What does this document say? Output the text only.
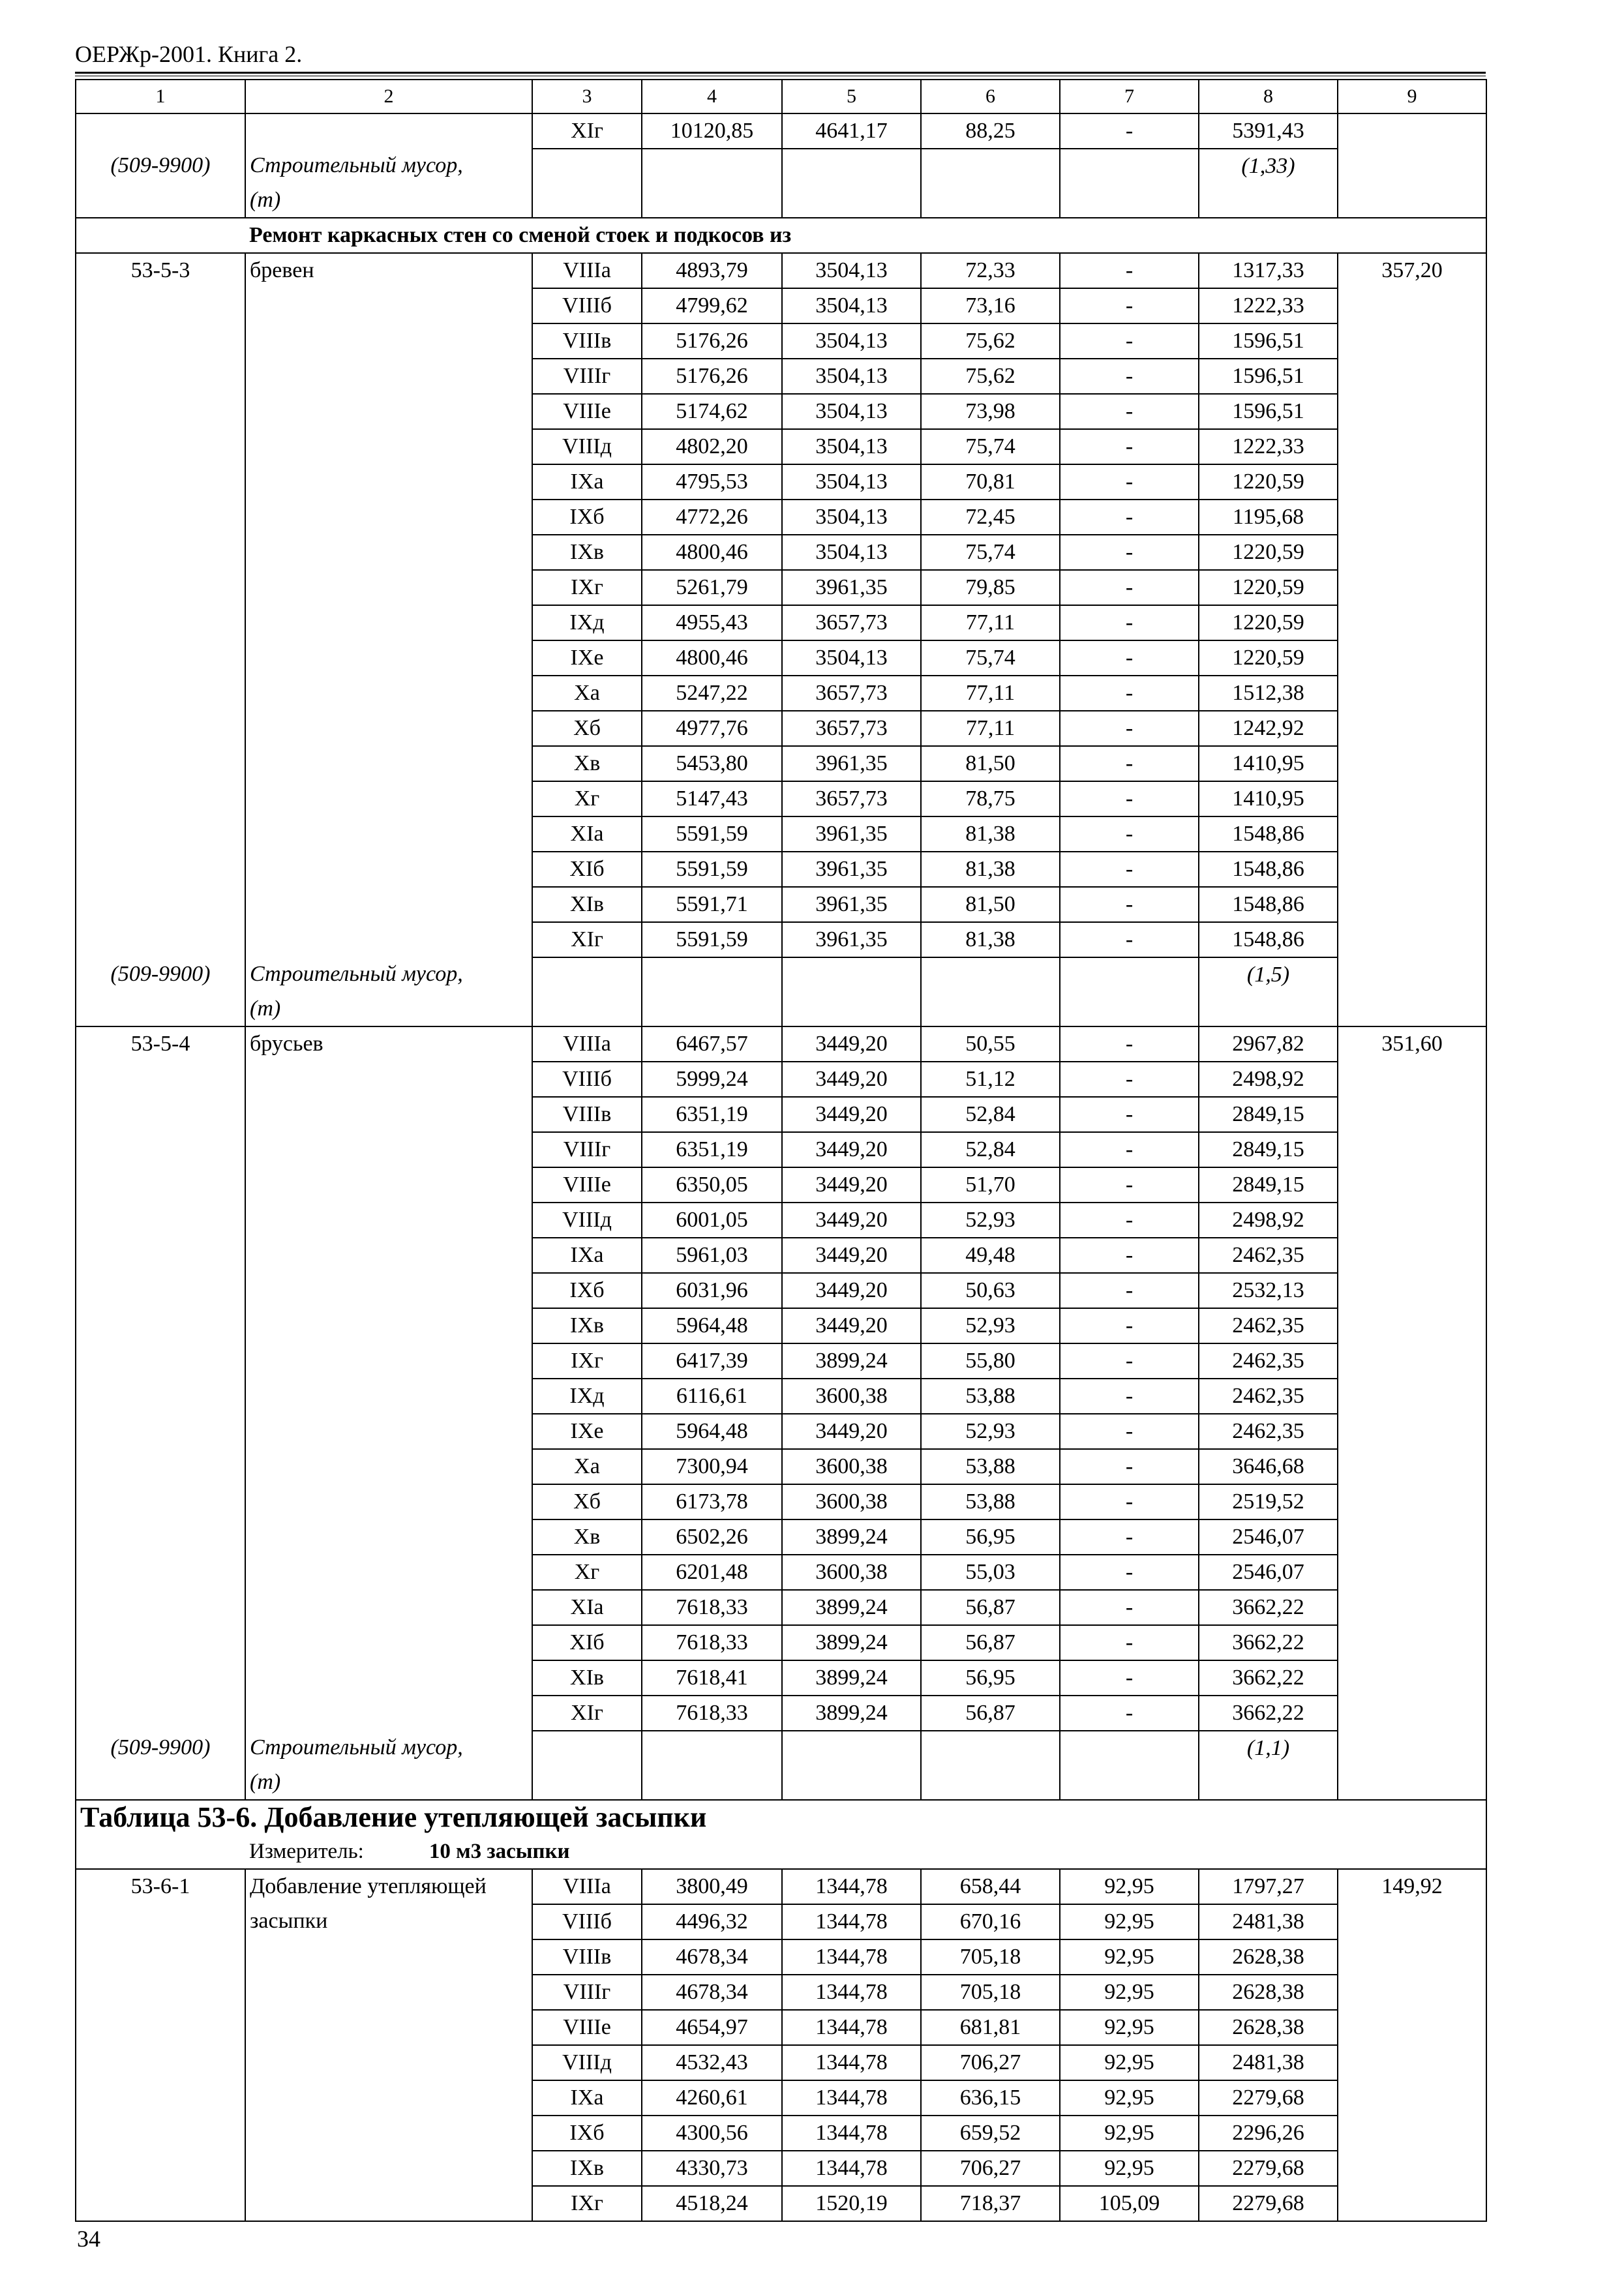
ОЕРЖр-2001. Книга 2.
1	2	3	4	5	6	7	8	9
		XIг	10120,85	4641,17	88,25	-	5391,43	
(509-9900)	Строительный мусор,						(1,33)	
	(т)							
	Ремонт каркасных стен со сменой стоек и подкосов из							
53-5-3	бревен	VIIIа	4893,79	3504,13	72,33	-	1317,33	357,20
		VIIIб	4799,62	3504,13	73,16	-	1222,33	
		VIIIв	5176,26	3504,13	75,62	-	1596,51	
		VIIIг	5176,26	3504,13	75,62	-	1596,51	
		VIIIе	5174,62	3504,13	73,98	-	1596,51	
		VIIIд	4802,20	3504,13	75,74	-	1222,33	
		IXа	4795,53	3504,13	70,81	-	1220,59	
		IXб	4772,26	3504,13	72,45	-	1195,68	
		IXв	4800,46	3504,13	75,74	-	1220,59	
		IXг	5261,79	3961,35	79,85	-	1220,59	
		IXд	4955,43	3657,73	77,11	-	1220,59	
		IXе	4800,46	3504,13	75,74	-	1220,59	
		Xа	5247,22	3657,73	77,11	-	1512,38	
		Xб	4977,76	3657,73	77,11	-	1242,92	
		Xв	5453,80	3961,35	81,50	-	1410,95	
		Xг	5147,43	3657,73	78,75	-	1410,95	
		XIа	5591,59	3961,35	81,38	-	1548,86	
		XIб	5591,59	3961,35	81,38	-	1548,86	
		XIв	5591,71	3961,35	81,50	-	1548,86	
		XIг	5591,59	3961,35	81,38	-	1548,86	
(509-9900)	Строительный мусор,						(1,5)	
	(т)							
53-5-4	брусьев	VIIIа	6467,57	3449,20	50,55	-	2967,82	351,60
		VIIIб	5999,24	3449,20	51,12	-	2498,92	
		VIIIв	6351,19	3449,20	52,84	-	2849,15	
		VIIIг	6351,19	3449,20	52,84	-	2849,15	
		VIIIе	6350,05	3449,20	51,70	-	2849,15	
		VIIIд	6001,05	3449,20	52,93	-	2498,92	
		IXа	5961,03	3449,20	49,48	-	2462,35	
		IXб	6031,96	3449,20	50,63	-	2532,13	
		IXв	5964,48	3449,20	52,93	-	2462,35	
		IXг	6417,39	3899,24	55,80	-	2462,35	
		IXд	6116,61	3600,38	53,88	-	2462,35	
		IXе	5964,48	3449,20	52,93	-	2462,35	
		Xа	7300,94	3600,38	53,88	-	3646,68	
		Xб	6173,78	3600,38	53,88	-	2519,52	
		Xв	6502,26	3899,24	56,95	-	2546,07	
		Xг	6201,48	3600,38	55,03	-	2546,07	
		XIа	7618,33	3899,24	56,87	-	3662,22	
		XIб	7618,33	3899,24	56,87	-	3662,22	
		XIв	7618,41	3899,24	56,95	-	3662,22	
		XIг	7618,33	3899,24	56,87	-	3662,22	
(509-9900)	Строительный мусор,						(1,1)	
	(т)							
Таблица 53-6. Добавление утепляющей засыпки								
	Измеритель: 10 м3 засыпки							
53-6-1	Добавление утепляющей	VIIIа	3800,49	1344,78	658,44	92,95	1797,27	149,92
	засыпки	VIIIб	4496,32	1344,78	670,16	92,95	2481,38	
		VIIIв	4678,34	1344,78	705,18	92,95	2628,38	
		VIIIг	4678,34	1344,78	705,18	92,95	2628,38	
		VIIIе	4654,97	1344,78	681,81	92,95	2628,38	
		VIIIд	4532,43	1344,78	706,27	92,95	2481,38	
		IXа	4260,61	1344,78	636,15	92,95	2279,68	
		IXб	4300,56	1344,78	659,52	92,95	2296,26	
		IXв	4330,73	1344,78	706,27	92,95	2279,68	
		IXг	4518,24	1520,19	718,37	105,09	2279,68	
34
